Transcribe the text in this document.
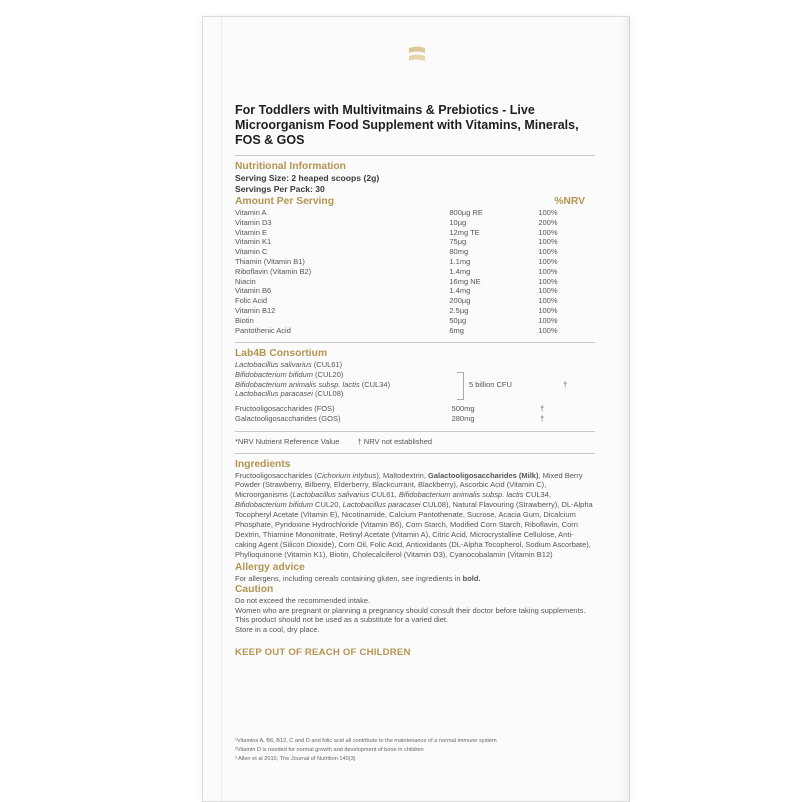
For Toddlers with Multivitmains & Prebiotics - Live Microorganism Food Supplement with Vitamins, Minerals, FOS & GOS

Nutritional Information
Serving Size: 2 heaped scoops (2g)
Servings Per Pack: 30
Amount Per Serving	%NRV
Vitamin A	800µg RE	100%
Vitamin D3	10µg	200%
Vitamin E	12mg TE	100%
Vitamin K1	75µg	100%
Vitamin C	80mg	100%
Thiamin (Vitamin B1)	1.1mg	100%
Riboflavin (Vitamin B2)	1.4mg	100%
Niacin	16mg NE	100%
Vitamin B6	1.4mg	100%
Folic Acid	200µg	100%
Vitamin B12	2.5µg	100%
Biotin	50µg	100%
Pantothenic Acid	6mg	100%
Lab4B Consortium
Lactobacillus salivarius (CUL61)
Bifidobacterium bifidum (CUL20)
Bifidobacterium animalis subsp. lactis (CUL34)
Lactobacillus paracasei (CUL08)
5 billion CFU	†
Fructooligosaccharides (FOS)	500mg	†
Galactooligosaccharides (GOS)	280mg	†
*NRV Nutrient Reference Value † NRV not established
Ingredients

Fructooligosaccharides (Cichorium intybus), Maltodextrin, Galactooligosaccharides (Milk), Mixed Berry Powder (Strawberry, Bilberry, Elderberry, Blackcurrant, Blackberry), Ascorbic Acid (Vitamin C), Microorganisms (Lactobacillus salivarius CUL61, Bifidobacterium animalis subsp. lactis CUL34, Bifidobacterium bifidum CUL20, Lactobacillus paracasei CUL08), Natural Flavouring (Strawberry), DL-Alpha Tocopheryl Acetate (Vitamin E), Nicotinamide, Calcium Pantothenate, Sucrose, Acacia Gum, Dicalcium Phosphate, Pyridoxine Hydrochloride (Vitamin B6), Corn Starch, Modified Corn Starch, Riboflavin, Corn Dextrin, Thiamine Mononitrate, Retinyl Acetate (Vitamin A), Citric Acid, Microcrystalline Cellulose, Anti-caking Agent (Silicon Dioxide), Corn Oil, Folic Acid, Antioxidants (DL-Alpha Tocopherol, Sodium Ascorbate), Phylloquinone (Vitamin K1), Biotin, Cholecalciferol (Vitamin D3), Cyanocobalamin (Vitamin B12)

Allergy advice

For allergens, including cereals containing gluten, see ingredients in bold.

Caution

Do not exceed the recommended intake.

Women who are pregnant or planning a pregnancy should consult their doctor before taking supplements.

This product should not be used as a substitute for a varied diet.

Store in a cool, dry place.

KEEP OUT OF REACH OF CHILDREN
¹Vitamins A, B6, B12, C and D and folic acid all contribute to the maintenance of a normal immune system
²Vitamin D is needed for normal growth and development of bone in children
³ Allen et al 2010, The Journal of Nutrition 140(3)
